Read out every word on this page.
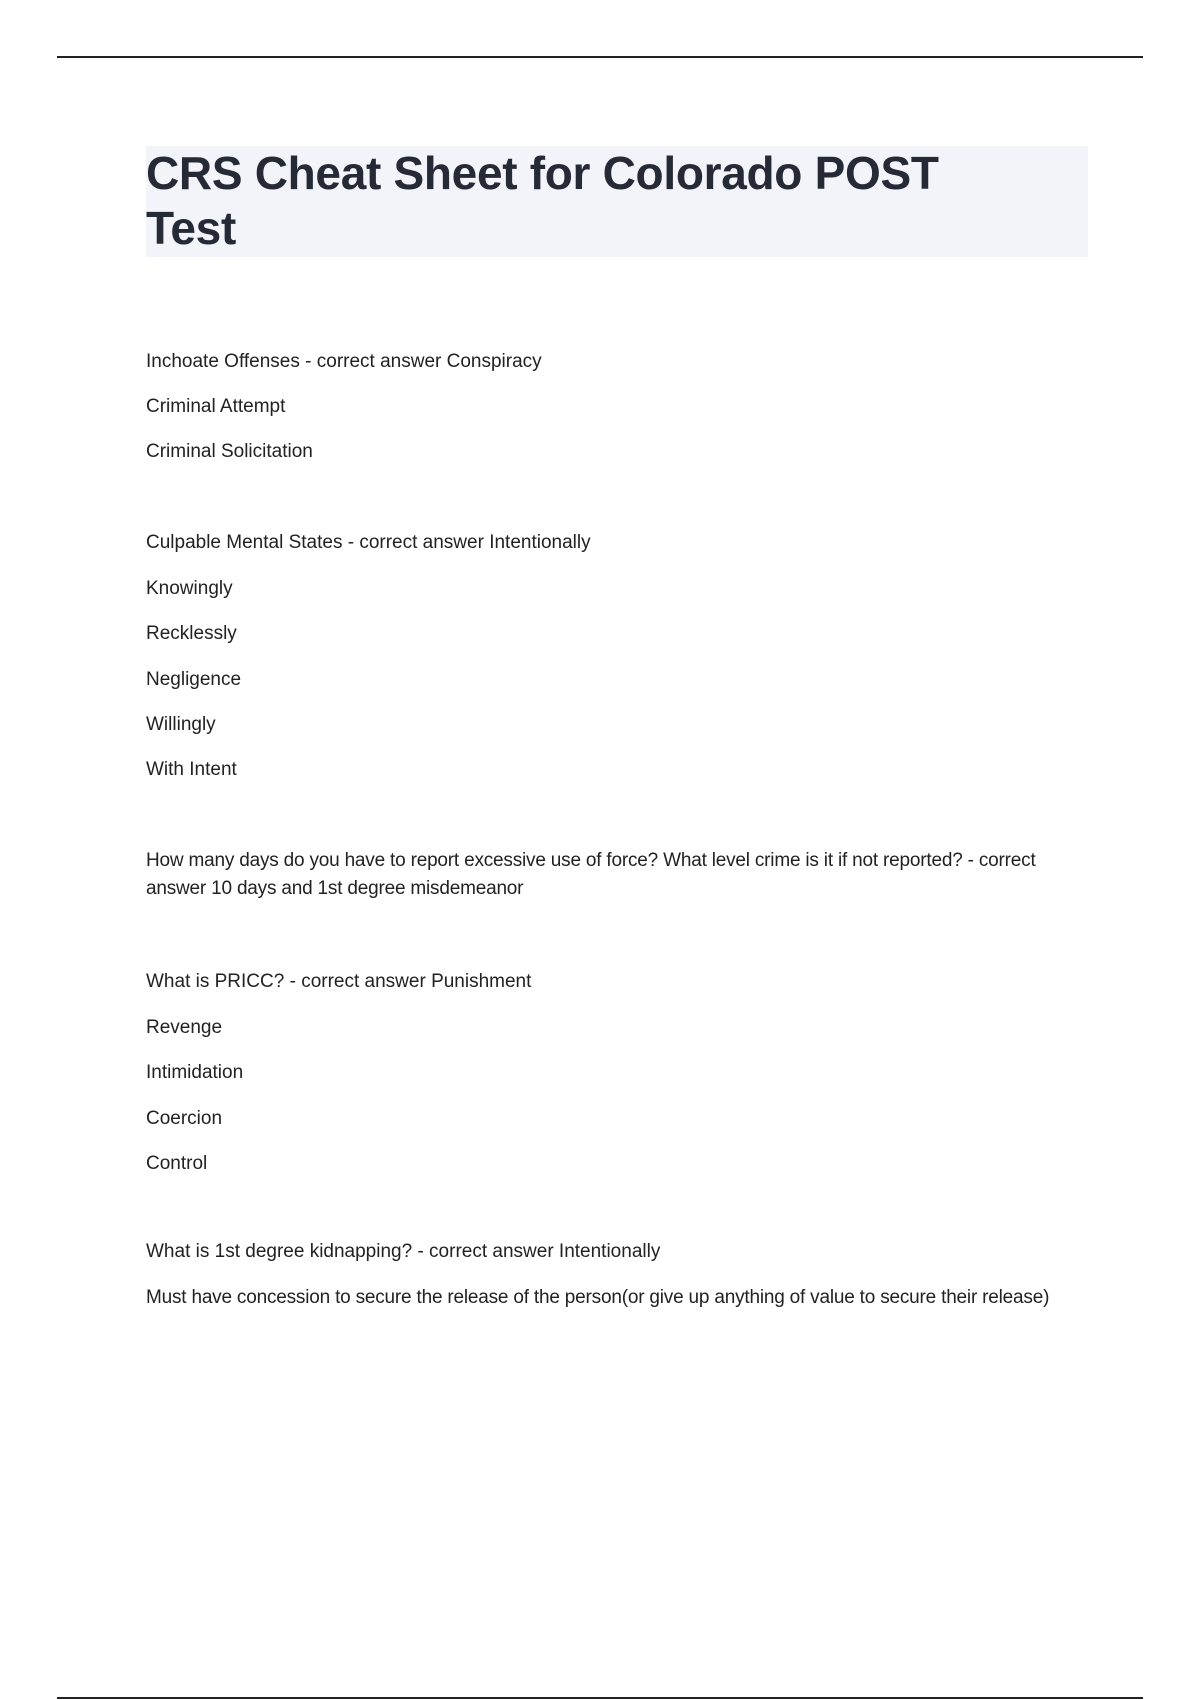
CRS Cheat Sheet for Colorado POST Test
Inchoate Offenses - correct answer Conspiracy
Criminal Attempt
Criminal Solicitation
Culpable Mental States - correct answer Intentionally
Knowingly
Recklessly
Negligence
Willingly
With Intent
How many days do you have to report excessive use of force? What level crime is it if not reported? - correct answer 10 days and 1st degree misdemeanor
What is PRICC? - correct answer Punishment
Revenge
Intimidation
Coercion
Control
What is 1st degree kidnapping? - correct answer Intentionally
Must have concession to secure the release of the person(or give up anything of value to secure their release)
